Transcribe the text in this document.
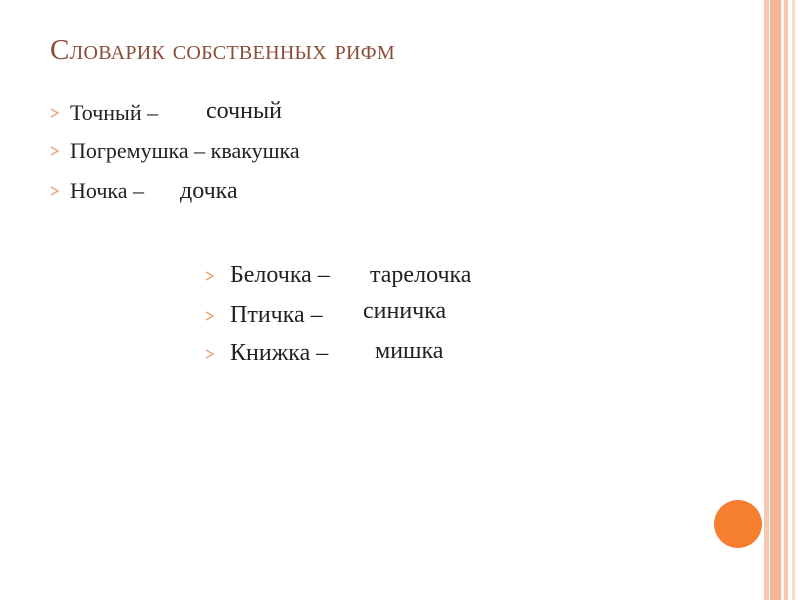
Словарик собственных рифм
Точный – сочный
Погремушка – квакушка
Ночка – дочка
Белочка – тарелочка
Птичка – синичка
Книжка – мишка
